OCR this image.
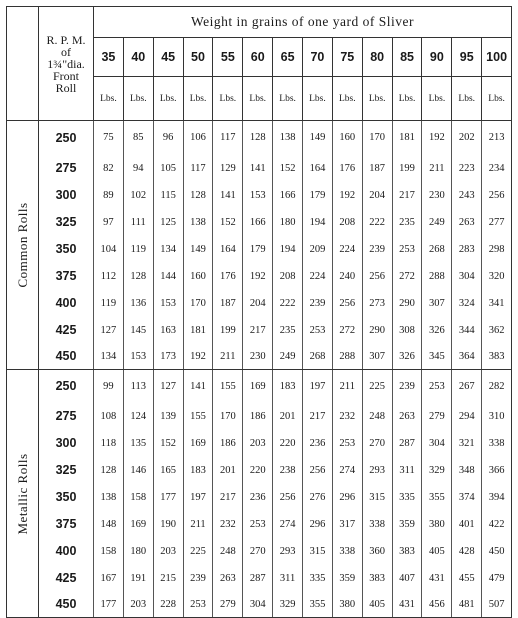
	R. P. M.
of
1¾"dia.
Front
Roll	Weight in grains of one yard of Sliver													
		35	40	45	50	55	60	65	70	75	80	85	90	95	100
		Lbs.	Lbs.	Lbs.	Lbs.	Lbs.	Lbs.	Lbs.	Lbs.	Lbs.	Lbs.	Lbs.	Lbs.	Lbs.	Lbs.

Common Rolls	250	75	85	96	106	117	128	138	149	160	170	181	192	202	213
	275	82	94	105	117	129	141	152	164	176	187	199	211	223	234
	300	89	102	115	128	141	153	166	179	192	204	217	230	243	256
	325	97	111	125	138	152	166	180	194	208	222	235	249	263	277
	350	104	119	134	149	164	179	194	209	224	239	253	268	283	298
	375	112	128	144	160	176	192	208	224	240	256	272	288	304	320
	400	119	136	153	170	187	204	222	239	256	273	290	307	324	341
	425	127	145	163	181	199	217	235	253	272	290	308	326	344	362
	450	134	153	173	192	211	230	249	268	288	307	326	345	364	383

Metallic Rolls	250	99	113	127	141	155	169	183	197	211	225	239	253	267	282
	275	108	124	139	155	170	186	201	217	232	248	263	279	294	310
	300	118	135	152	169	186	203	220	236	253	270	287	304	321	338
	325	128	146	165	183	201	220	238	256	274	293	311	329	348	366
	350	138	158	177	197	217	236	256	276	296	315	335	355	374	394
	375	148	169	190	211	232	253	274	296	317	338	359	380	401	422
	400	158	180	203	225	248	270	293	315	338	360	383	405	428	450
	425	167	191	215	239	263	287	311	335	359	383	407	431	455	479
	450	177	203	228	253	279	304	329	355	380	405	431	456	481	507
